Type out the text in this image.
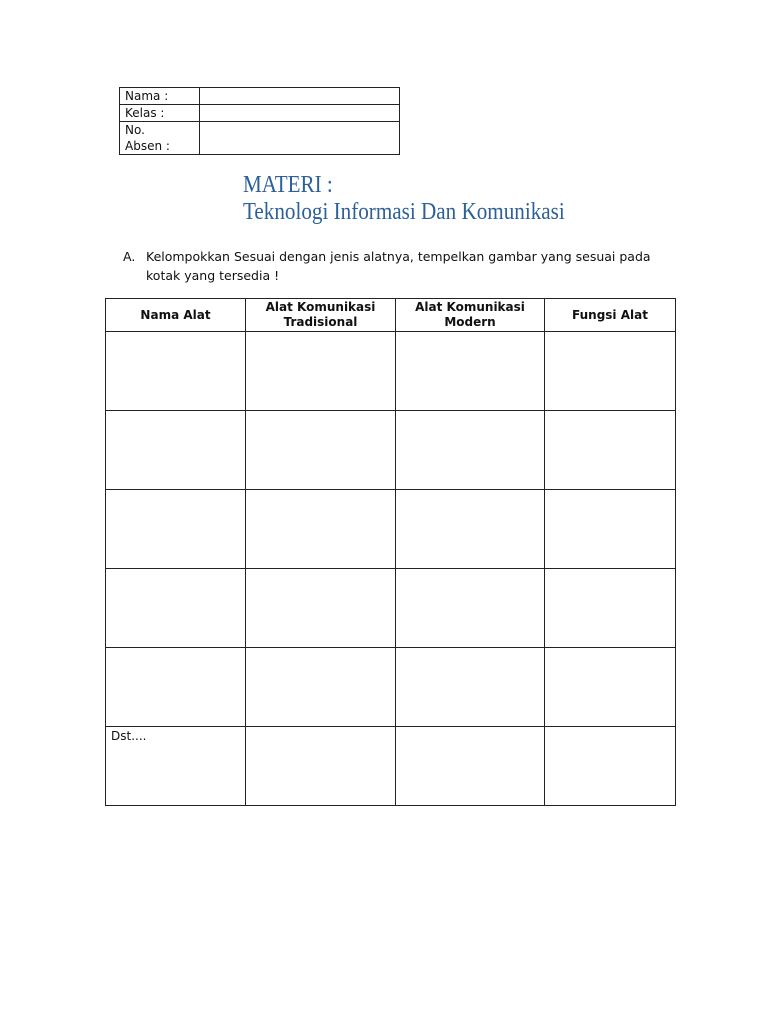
Nama :	
Kelas :	
No.
Absen :	
MATERI :
Teknologi Informasi Dan Komunikasi
A. Kelompokkan Sesuai dengan jenis alatnya, tempelkan gambar yang sesuai pada kotak yang tersedia !
Nama Alat	Alat Komunikasi Tradisional	Alat Komunikasi Modern	Fungsi Alat

Dst....			
